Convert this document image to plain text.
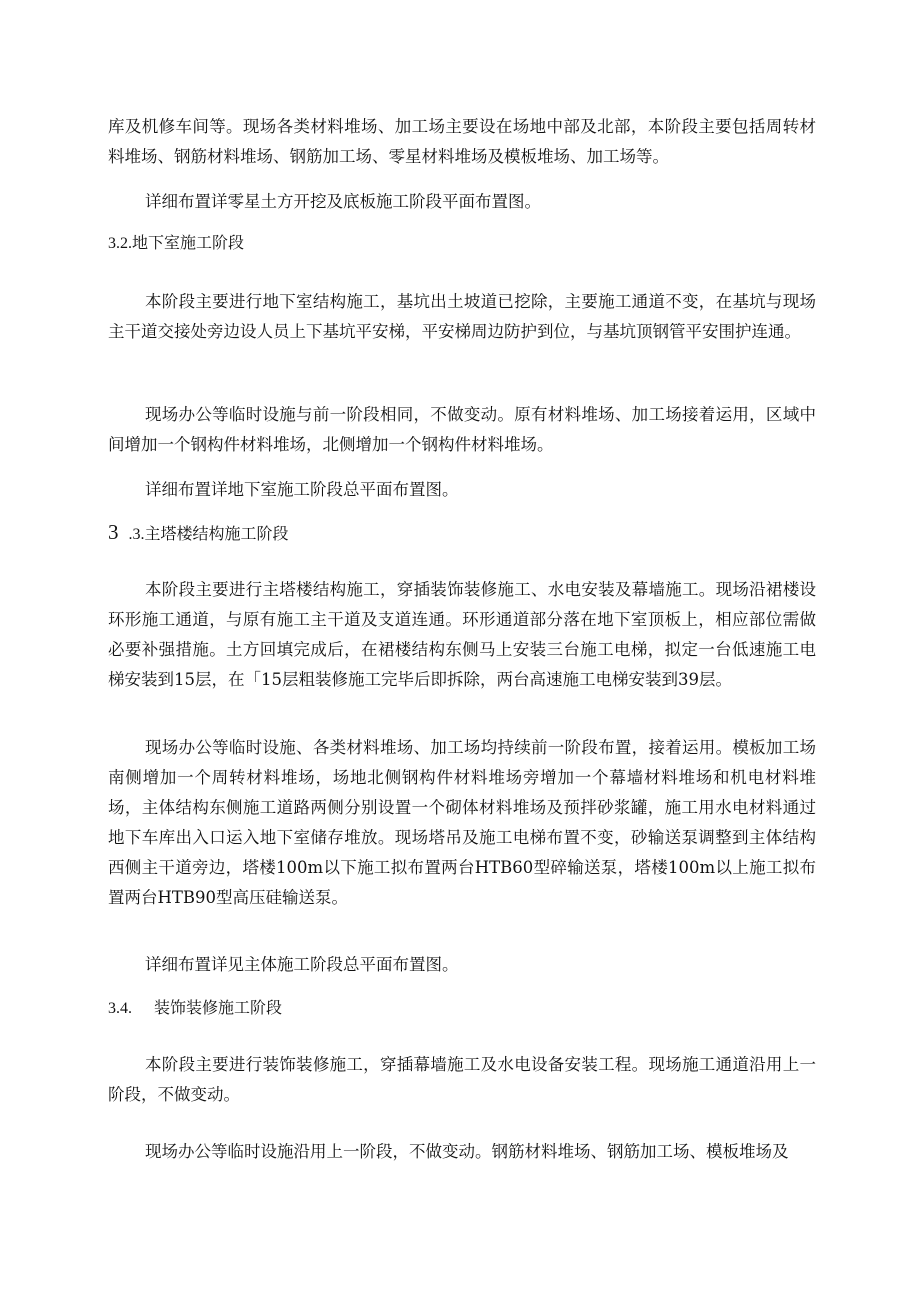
库及机修车间等。现场各类材料堆场、加工场主要设在场地中部及北部，本阶段主要包括周转材料堆场、钢筋材料堆场、钢筋加工场、零星材料堆场及模板堆场、加工场等。

详细布置详零星土方开挖及底板施工阶段平面布置图。

3.2.地下室施工阶段

本阶段主要进行地下室结构施工，基坑出土坡道已挖除，主要施工通道不变，在基坑与现场主干道交接处旁边设人员上下基坑平安梯，平安梯周边防护到位，与基坑顶钢管平安围护连通。

现场办公等临时设施与前一阶段相同，不做变动。原有材料堆场、加工场接着运用，区域中间增加一个钢构件材料堆场，北侧增加一个钢构件材料堆场。

详细布置详地下室施工阶段总平面布置图。

3 .3.主塔楼结构施工阶段

本阶段主要进行主塔楼结构施工，穿插装饰装修施工、水电安装及幕墙施工。现场沿裙楼设环形施工通道，与原有施工主干道及支道连通。环形通道部分落在地下室顶板上，相应部位需做必要补强措施。土方回填完成后，在裙楼结构东侧马上安装三台施工电梯，拟定一台低速施工电梯安装到15层，在「15层粗装修施工完毕后即拆除，两台高速施工电梯安装到39层。

现场办公等临时设施、各类材料堆场、加工场均持续前一阶段布置，接着运用。模板加工场南侧增加一个周转材料堆场，场地北侧钢构件材料堆场旁增加一个幕墙材料堆场和机电材料堆场，主体结构东侧施工道路两侧分别设置一个砌体材料堆场及预拌砂浆罐，施工用水电材料通过地下车库出入口运入地下室储存堆放。现场塔吊及施工电梯布置不变，砂输送泵调整到主体结构西侧主干道旁边，塔楼100m以下施工拟布置两台HTB60型碎输送泵，塔楼100m以上施工拟布置两台HTB90型高压硅输送泵。

详细布置详见主体施工阶段总平面布置图。

3.4. 装饰装修施工阶段

本阶段主要进行装饰装修施工，穿插幕墙施工及水电设备安装工程。现场施工通道沿用上一阶段，不做变动。

现场办公等临时设施沿用上一阶段，不做变动。钢筋材料堆场、钢筋加工场、模板堆场及
